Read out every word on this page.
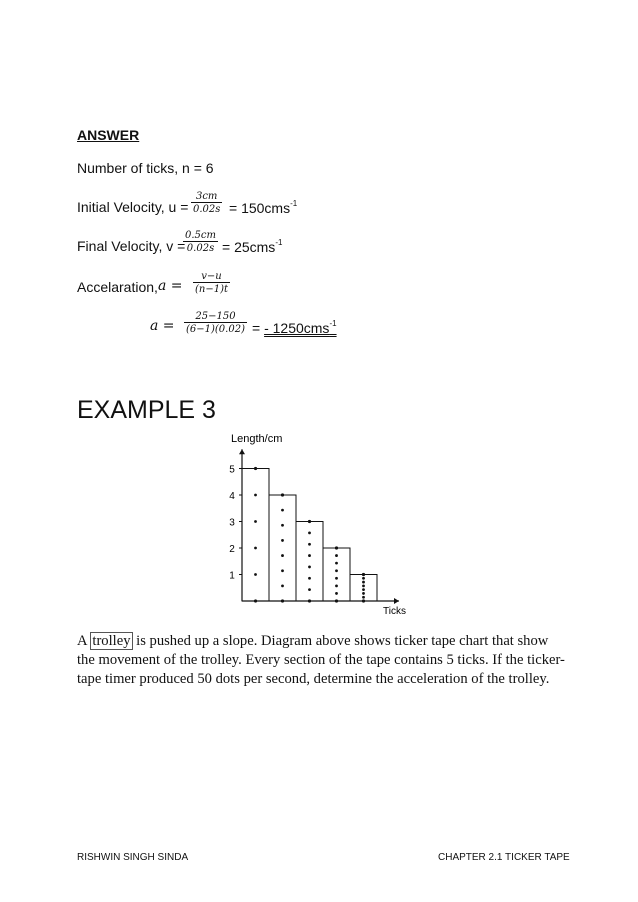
ANSWER
Number of ticks, n = 6
Initial Velocity, $u = \frac{3cm}{0.02s} = 150cms^{-1}$
Final Velocity, v =
$\frac{0.5cm}{0.02s} = 25cms^{-1}$
Accelaration, $a = \frac{v-u}{(n-1)t}$
$a = \frac{25-150}{(6-1)(0.02)}$ = - 1250cms$^{-1}$
EXAMPLE 3
Length/cm
Ticks
1
2
3
4
5
A trolley is pushed up a slope. Diagram above shows ticker tape chart that show the movement of the trolley. Every section of the tape contains 5 ticks. If the ticker-tape timer produced 50 dots per second, determine the acceleration of the trolley.
RISHWIN SINGH SINDA	CHAPTER 2.1 TICKER TAPE
